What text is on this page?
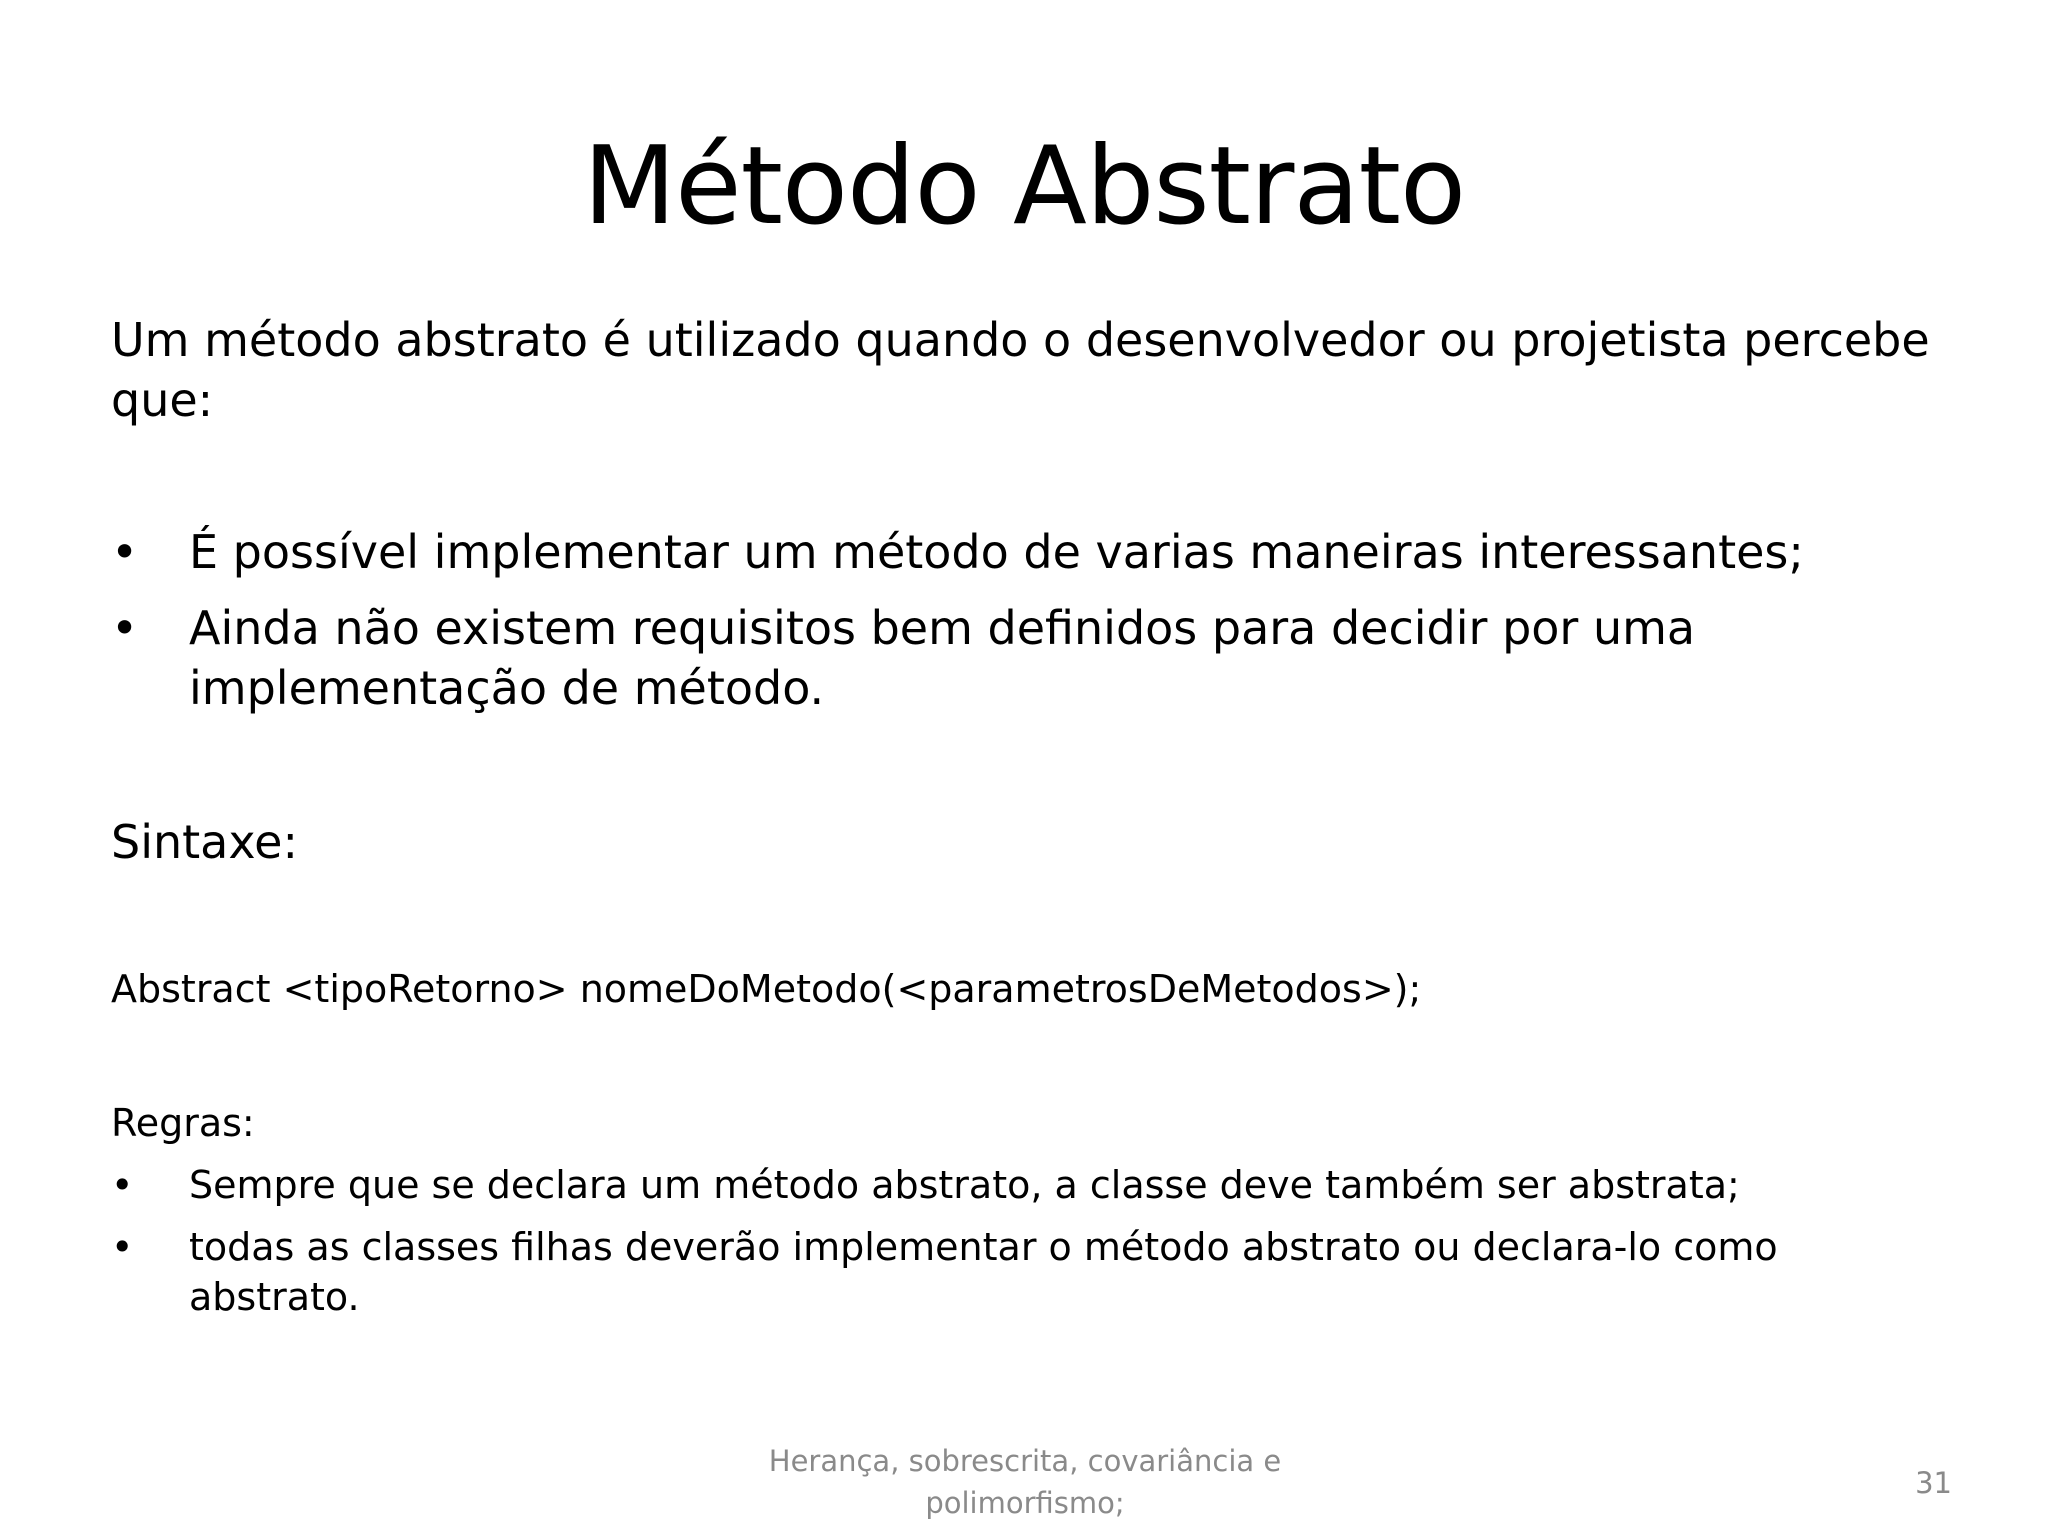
Método Abstrato

Um método abstrato é utilizado quando o desenvolvedor ou projetista percebe que:

• É possível implementar um método de varias maneiras interessantes;
• Ainda não existem requisitos bem definidos para decidir por uma implementação de método.
Sintaxe:
Abstract <tipoRetorno> nomeDoMetodo(<parametrosDeMetodos>);
Regras:
• Sempre que se declara um método abstrato, a classe deve também ser abstrata;
• todas as classes filhas deverão implementar o método abstrato ou declara-lo como abstrato.
Herança, sobrescrita, covariância e polimorfismo;
31
